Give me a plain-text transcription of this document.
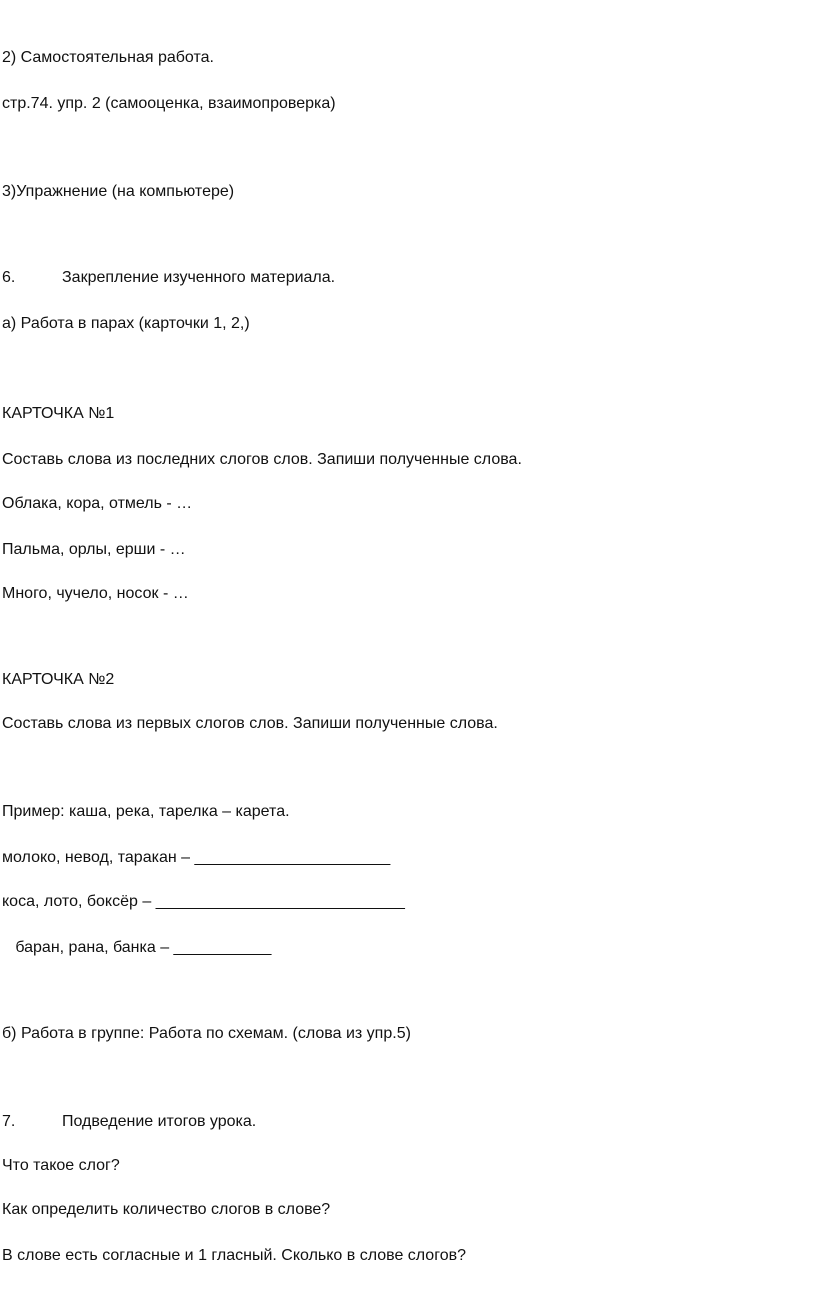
2) Самостоятельная работа.
стр.74. упр. 2 (самооценка, взаимопроверка)
3)Упражнение (на компьютере)
6.	Закрепление изученного материала.
а) Работа в парах (карточки 1, 2,)
КАРТОЧКА №1
Составь слова из последних слогов слов. Запиши полученные слова.
Облака, кора, отмель - …
Пальма, орлы, ерши - …
Много, чучело, носок - …
КАРТОЧКА №2
Составь слова из первых слогов слов. Запиши полученные слова.
Пример: каша, река, тарелка – карета.
молоко, невод, таракан – ______________________
коса, лото, боксёр – ____________________________
баран, рана, банка – ___________
б) Работа в группе: Работа по схемам. (слова из упр.5)
7.	Подведение итогов урока.
Что такое слог?
Как определить количество слогов в слове?
В слове есть согласные и 1 гласный. Сколько в слове слогов?
